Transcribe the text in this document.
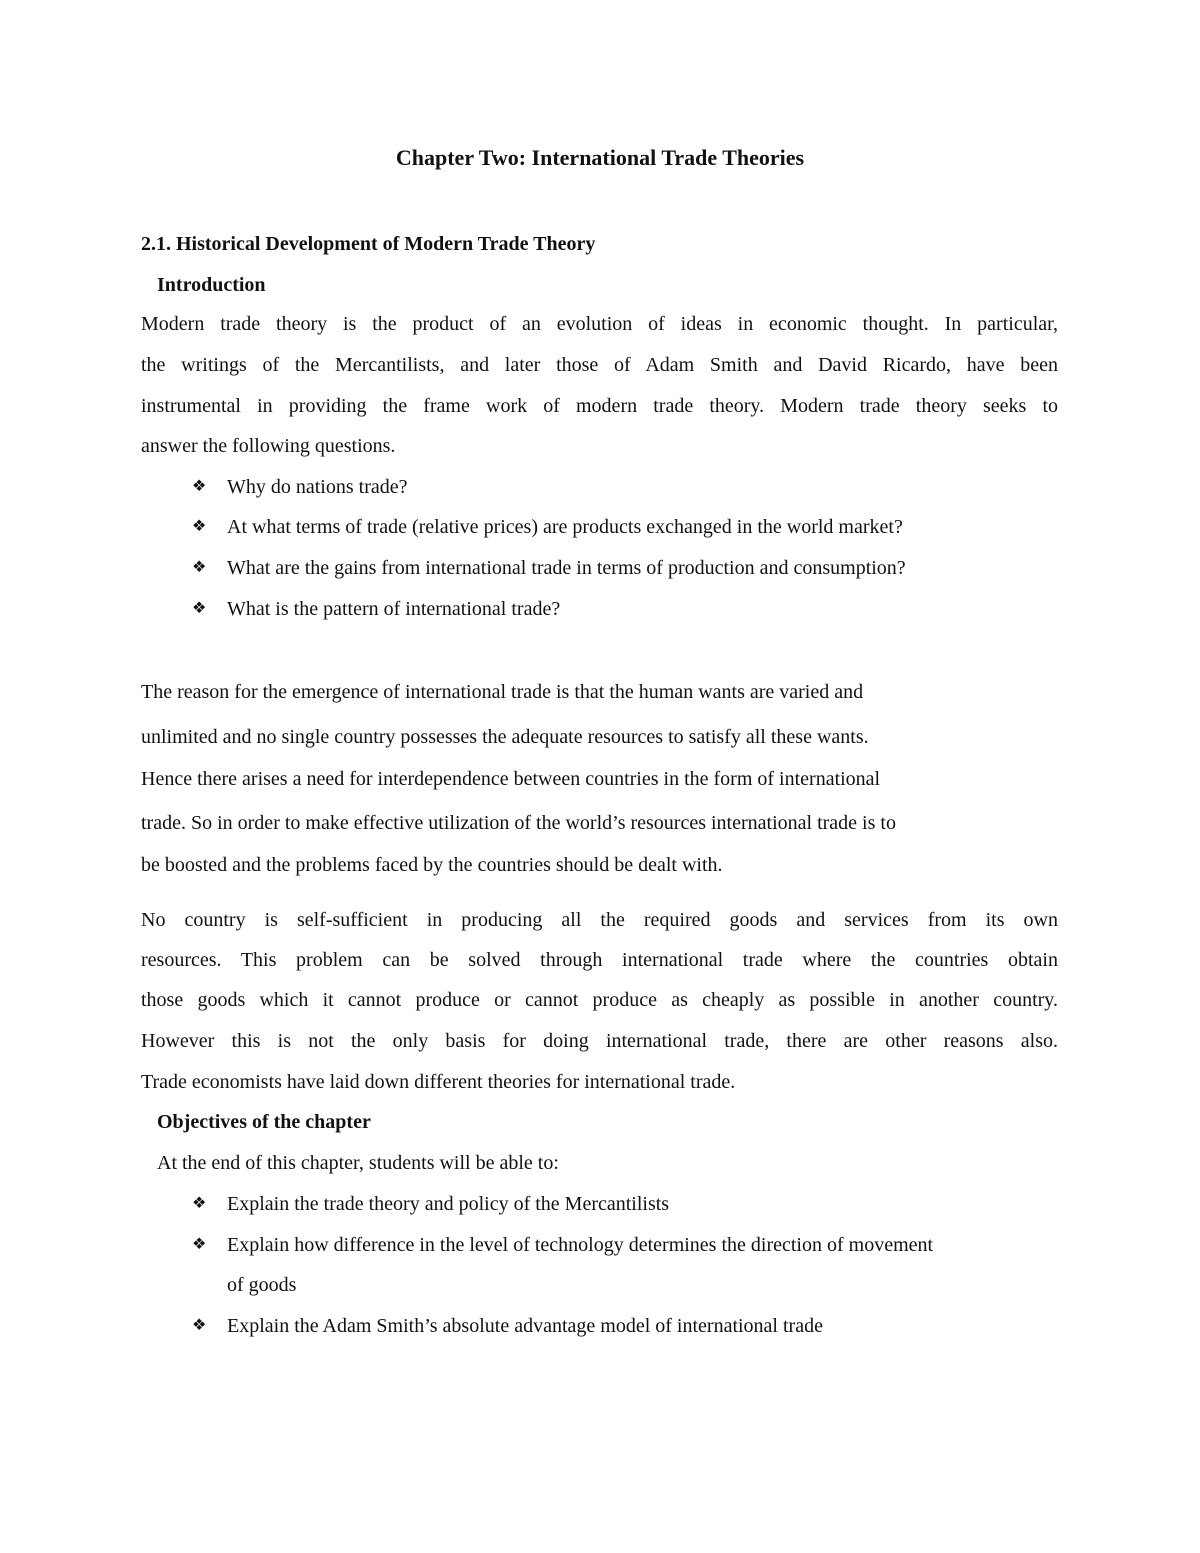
Chapter Two: International Trade Theories
2.1. Historical Development of Modern Trade Theory
Introduction
Modern trade theory is the product of an evolution of ideas in economic thought. In particular,
the writings of the Mercantilists, and later those of Adam Smith and David Ricardo, have been
instrumental in providing the frame work of modern trade theory. Modern trade theory seeks to
answer the following questions.
❖ Why do nations trade?
❖ At what terms of trade (relative prices) are products exchanged in the world market?
❖ What are the gains from international trade in terms of production and consumption?
❖ What is the pattern of international trade?
The reason for the emergence of international trade is that the human wants are varied and
unlimited and no single country possesses the adequate resources to satisfy all these wants.
Hence there arises a need for interdependence between countries in the form of international
trade. So in order to make effective utilization of the world’s resources international trade is to
be boosted and the problems faced by the countries should be dealt with.
No country is self-sufficient in producing all the required goods and services from its own
resources. This problem can be solved through international trade where the countries obtain
those goods which it cannot produce or cannot produce as cheaply as possible in another country.
However this is not the only basis for doing international trade, there are other reasons also.
Trade economists have laid down different theories for international trade.
Objectives of the chapter
At the end of this chapter, students will be able to:
❖ Explain the trade theory and policy of the Mercantilists
❖ Explain how difference in the level of technology determines the direction of movement
of goods
❖ Explain the Adam Smith’s absolute advantage model of international trade
